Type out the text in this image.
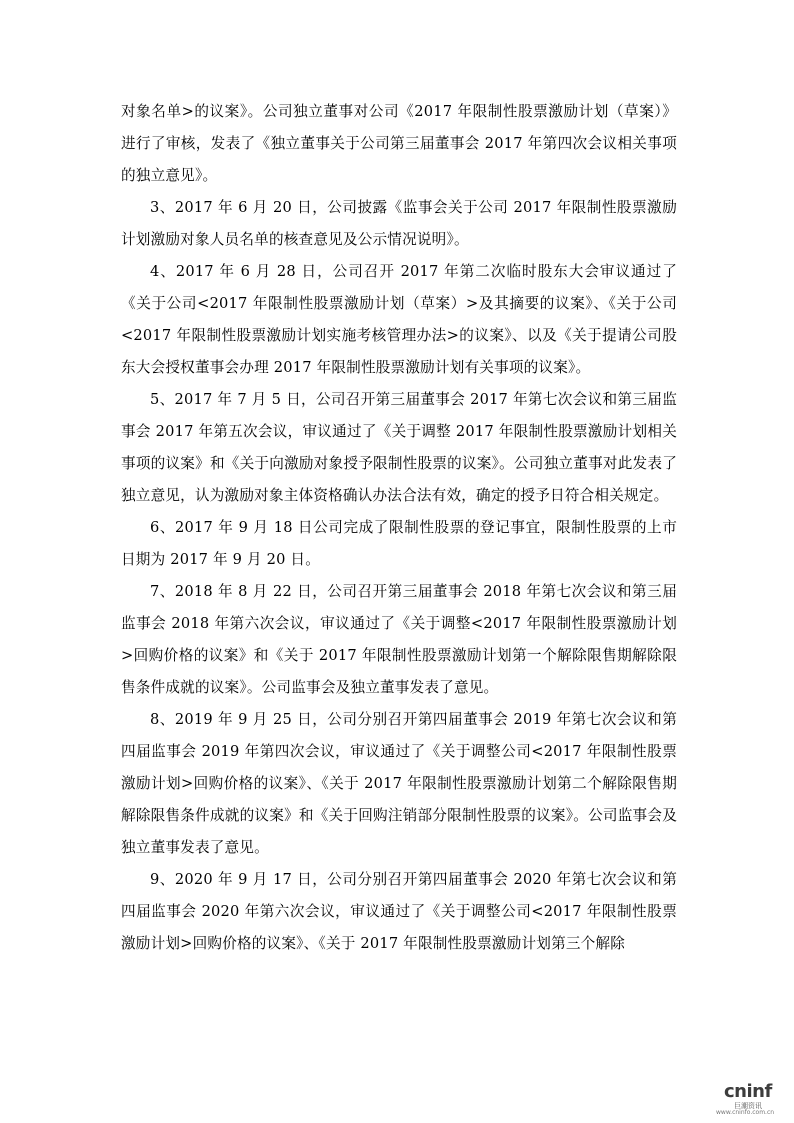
对象名单>的议案》。公司独立董事对公司《2017 年限制性股票激励计划（草案）》进行了审核，发表了《独立董事关于公司第三届董事会 2017 年第四次会议相关事项的独立意见》。

3、2017 年 6 月 20 日，公司披露《监事会关于公司 2017 年限制性股票激励计划激励对象人员名单的核查意见及公示情况说明》。

4、2017 年 6 月 28 日，公司召开 2017 年第二次临时股东大会审议通过了《关于公司<2017 年限制性股票激励计划（草案）>及其摘要的议案》、《关于公司<2017 年限制性股票激励计划实施考核管理办法>的议案》、以及《关于提请公司股东大会授权董事会办理 2017 年限制性股票激励计划有关事项的议案》。

5、2017 年 7 月 5 日，公司召开第三届董事会 2017 年第七次会议和第三届监事会 2017 年第五次会议，审议通过了《关于调整 2017 年限制性股票激励计划相关事项的议案》和《关于向激励对象授予限制性股票的议案》。公司独立董事对此发表了独立意见，认为激励对象主体资格确认办法合法有效，确定的授予日符合相关规定。

6、2017 年 9 月 18 日公司完成了限制性股票的登记事宜，限制性股票的上市日期为 2017 年 9 月 20 日。

7、2018 年 8 月 22 日，公司召开第三届董事会 2018 年第七次会议和第三届监事会 2018 年第六次会议，审议通过了《关于调整<2017 年限制性股票激励计划>回购价格的议案》和《关于 2017 年限制性股票激励计划第一个解除限售期解除限售条件成就的议案》。公司监事会及独立董事发表了意见。

8、2019 年 9 月 25 日，公司分别召开第四届董事会 2019 年第七次会议和第四届监事会 2019 年第四次会议，审议通过了《关于调整公司<2017 年限制性股票激励计划>回购价格的议案》、《关于 2017 年限制性股票激励计划第二个解除限售期解除限售条件成就的议案》和《关于回购注销部分限制性股票的议案》。公司监事会及独立董事发表了意见。

9、2020 年 9 月 17 日，公司分别召开第四届董事会 2020 年第七次会议和第四届监事会 2020 年第六次会议，审议通过了《关于调整公司<2017 年限制性股票激励计划>回购价格的议案》、《关于 2017 年限制性股票激励计划第三个解除

cninf
巨潮资讯
www.cninfo.com.cn
